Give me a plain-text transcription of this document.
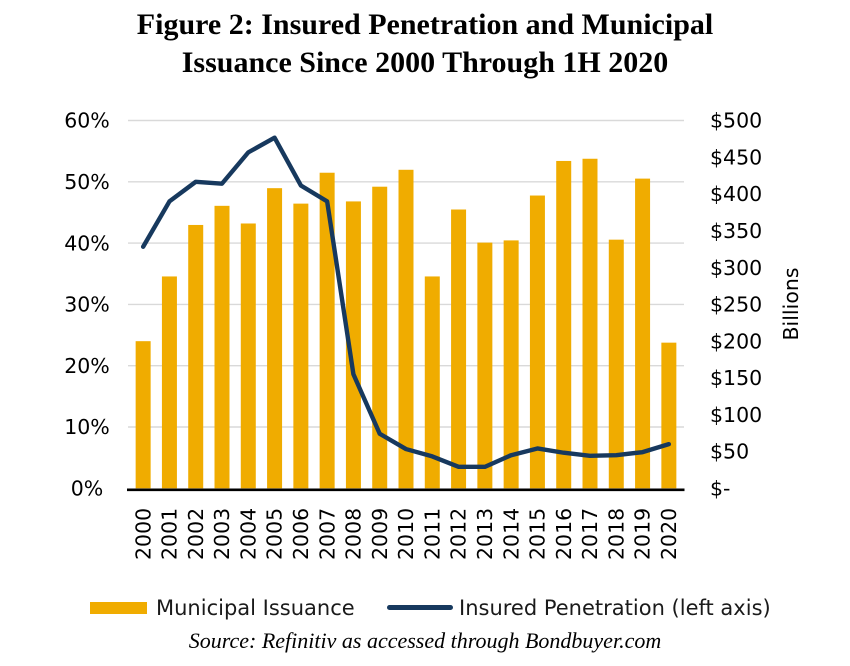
Figure 2: Insured Penetration and Municipal
Issuance Since 2000 Through 1H 2020
0%
10%
20%
30%
40%
50%
60%
$-
$50
$100
$150
$200
$250
$300
$350
$400
$450
$500
Billions
2000 2001 2002 2003 2004 2005 2006 2007 2008 2009 2010 2011 2012 2013 2014 2015 2016 2017 2018 2019 2020
Municipal Issuance	Insured Penetration (left axis)
Source: Refinitiv as accessed through Bondbuyer.com
